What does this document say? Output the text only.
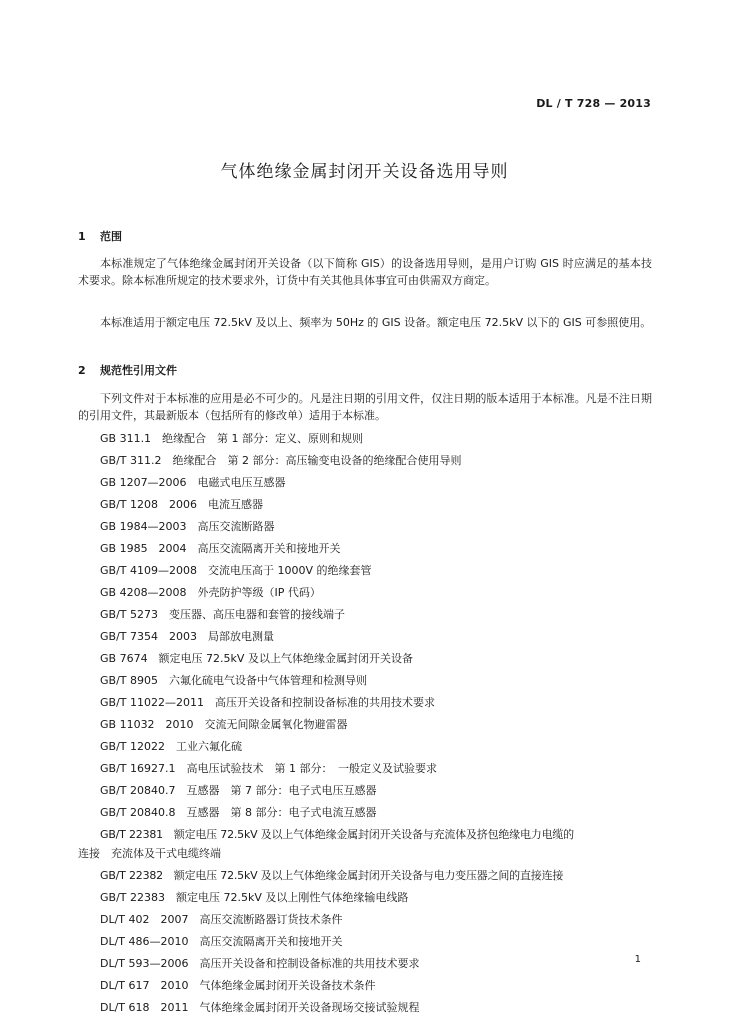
DL / T 728 — 2013
气体绝缘金属封闭开关设备选用导则
1 范围

本标准规定了气体绝缘金属封闭开关设备（以下简称 GIS）的设备选用导则，是用户订购 GIS 时应满足的基本技术要求。除本标准所规定的技术要求外，订货中有关其他具体事宜可由供需双方商定。

本标准适用于额定电压 72.5kV 及以上、频率为 50Hz 的 GIS 设备。额定电压 72.5kV 以下的 GIS 可参照使用。

2 规范性引用文件

下列文件对于本标准的应用是必不可少的。凡是注日期的引用文件，仅注日期的版本适用于本标准。凡是不注日期的引用文件，其最新版本（包括所有的修改单）适用于本标准。

GB 311.1　绝缘配合　第 1 部分：定义、原则和规则
GB/T 311.2　绝缘配合　第 2 部分：高压输变电设备的绝缘配合使用导则
GB 1207—2006　电磁式电压互感器
GB/T 1208　2006　电流互感器
GB 1984—2003　高压交流断路器
GB 1985　2004　高压交流隔离开关和接地开关
GB/T 4109—2008　交流电压高于 1000V 的绝缘套管
GB 4208—2008　外壳防护等级（IP 代码）
GB/T 5273　变压器、高压电器和套管的接线端子
GB/T 7354　2003　局部放电测量
GB 7674　额定电压 72.5kV 及以上气体绝缘金属封闭开关设备
GB/T 8905　六氟化硫电气设备中气体管理和检测导则
GB/T 11022—2011　高压开关设备和控制设备标准的共用技术要求
GB 11032　2010　交流无间隙金属氧化物避雷器
GB/T 12022　工业六氟化硫
GB/T 16927.1　高电压试验技术　第 1 部分：　一般定义及试验要求
GB/T 20840.7　互感器　第 7 部分：电子式电压互感器
GB/T 20840.8　互感器　第 8 部分：电子式电流互感器
GB/T 22381　额定电压 72.5kV 及以上气体绝缘金属封闭开关设备与充流体及挤包绝缘电力电缆的
连接　充流体及干式电缆终端
GB/T 22382　额定电压 72.5kV 及以上气体绝缘金属封闭开关设备与电力变压器之间的直接连接
GB/T 22383　额定电压 72.5kV 及以上刚性气体绝缘输电线路
DL/T 402　2007　高压交流断路器订货技术条件
DL/T 486—2010　高压交流隔离开关和接地开关
DL/T 593—2006　高压开关设备和控制设备标准的共用技术要求
DL/T 617　2010　气体绝缘金属封闭开关设备技术条件
DL/T 618　2011　气体绝缘金属封闭开关设备现场交接试验规程
1
